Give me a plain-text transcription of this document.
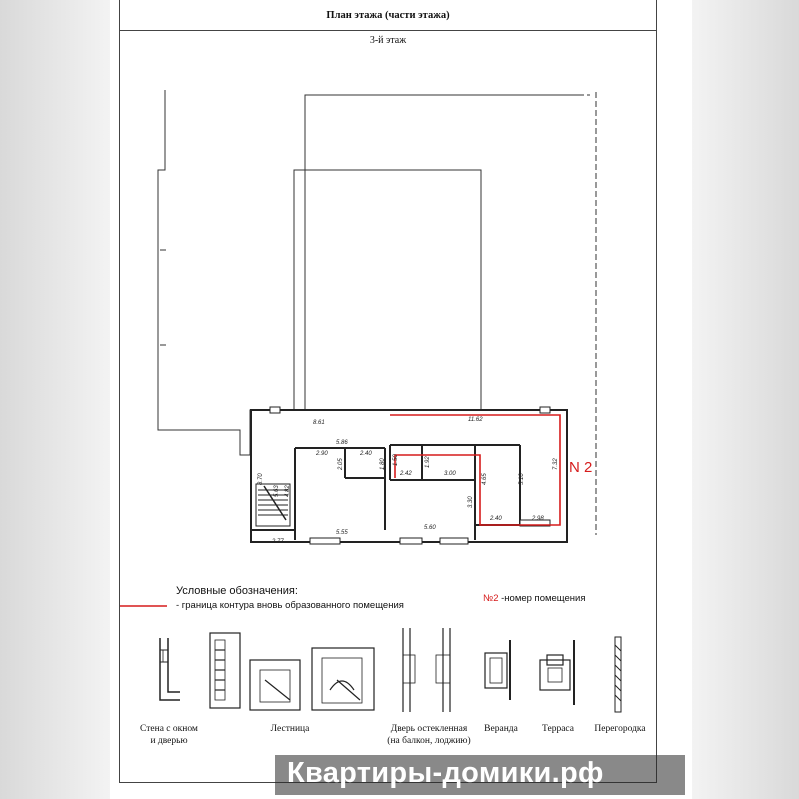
План этажа (части этажа)
3-й этаж
8.61
5.86
2.90	2.40
11.62
2.42	3.00
5.55
5.60
2.40	2.98
2.77
8.70
4.82
5.63
2.05	1.80 1.50	1.92
4.65	5.10
7.32
3.30
N 2
Условные обозначения:
- граница контура вновь образованного помещения
№2 -номер помещения
Стена с окном и дверью
Лестница	Дверь остекленная (на балкон, лоджию)
Веранда	Терраса	Перегородка
Квартиры-домики.рф
